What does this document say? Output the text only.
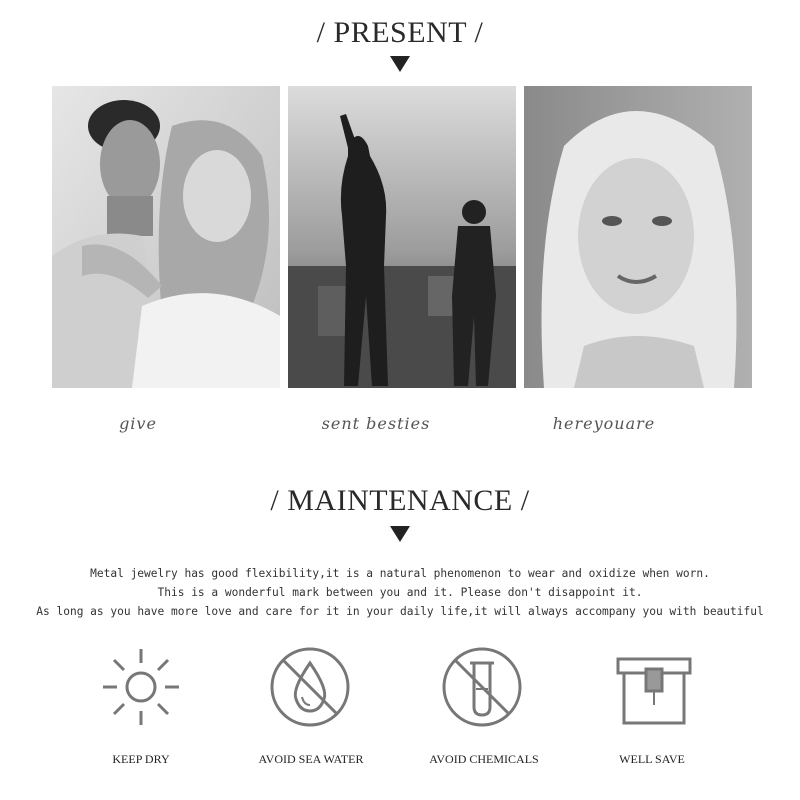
/ PRESENT /
give	sent besties	hereyouare
/ MAINTENANCE /
Metal jewelry has good flexibility,it is a natural phenomenon to wear and oxidize when worn.
This is a wonderful mark between you and it. Please don't disappoint it.
As long as you have more love and care for it in your daily life,it will always accompany you with beautiful
KEEP DRY	AVOID SEA WATER	AVOID CHEMICALS	WELL SAVE
